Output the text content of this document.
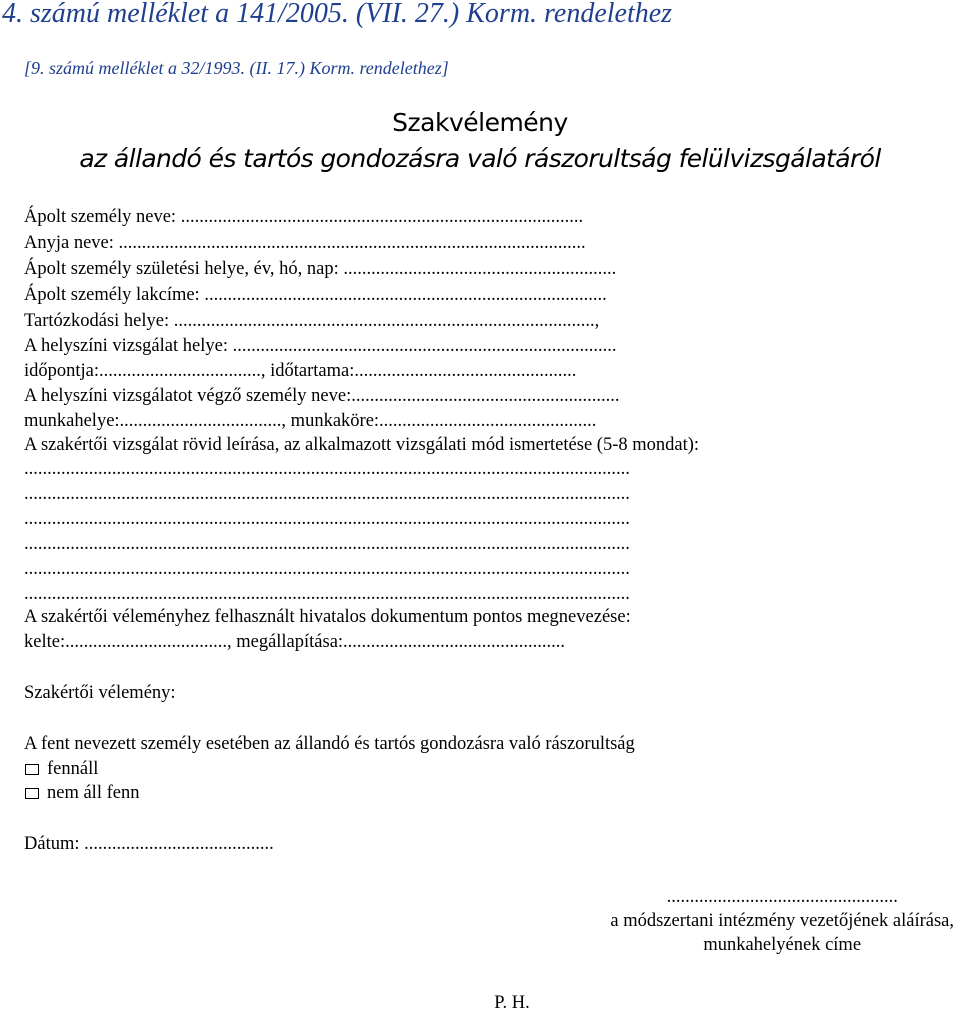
4. számú melléklet a 141/2005. (VII. 27.) Korm. rendelethez
[9. számú melléklet a 32/1993. (II. 17.) Korm. rendelethez]
Szakvélemény
az állandó és tartós gondozásra való rászorultság felülvizsgálatáról
Ápolt személy neve: .......................................................................................
Anyja neve: .....................................................................................................
Ápolt személy születési helye, év, hó, nap: ...........................................................
Ápolt személy lakcíme: .......................................................................................
Tartózkodási helye: ...........................................................................................,
A helyszíni vizsgálat helye: ...................................................................................
időpontja:..................................., időtartama:................................................
A helyszíni vizsgálatot végző személy neve:..........................................................
munkahelye:..................................., munkaköre:...............................................
A szakértői vizsgálat rövid leírása, az alkalmazott vizsgálati mód ismertetése (5-8 mondat):
...................................................................................................................................
...................................................................................................................................
...................................................................................................................................
...................................................................................................................................
...................................................................................................................................
...................................................................................................................................
A szakértői véleményhez felhasznált hivatalos dokumentum pontos megnevezése:
kelte:..................................., megállapítása:................................................
Szakértői vélemény:
A fent nevezett személy esetében az állandó és tartós gondozásra való rászorultság
fennáll
nem áll fenn
Dátum: .........................................
..................................................
a módszertani intézmény vezetőjének aláírása,
munkahelyének címe
P. H.
